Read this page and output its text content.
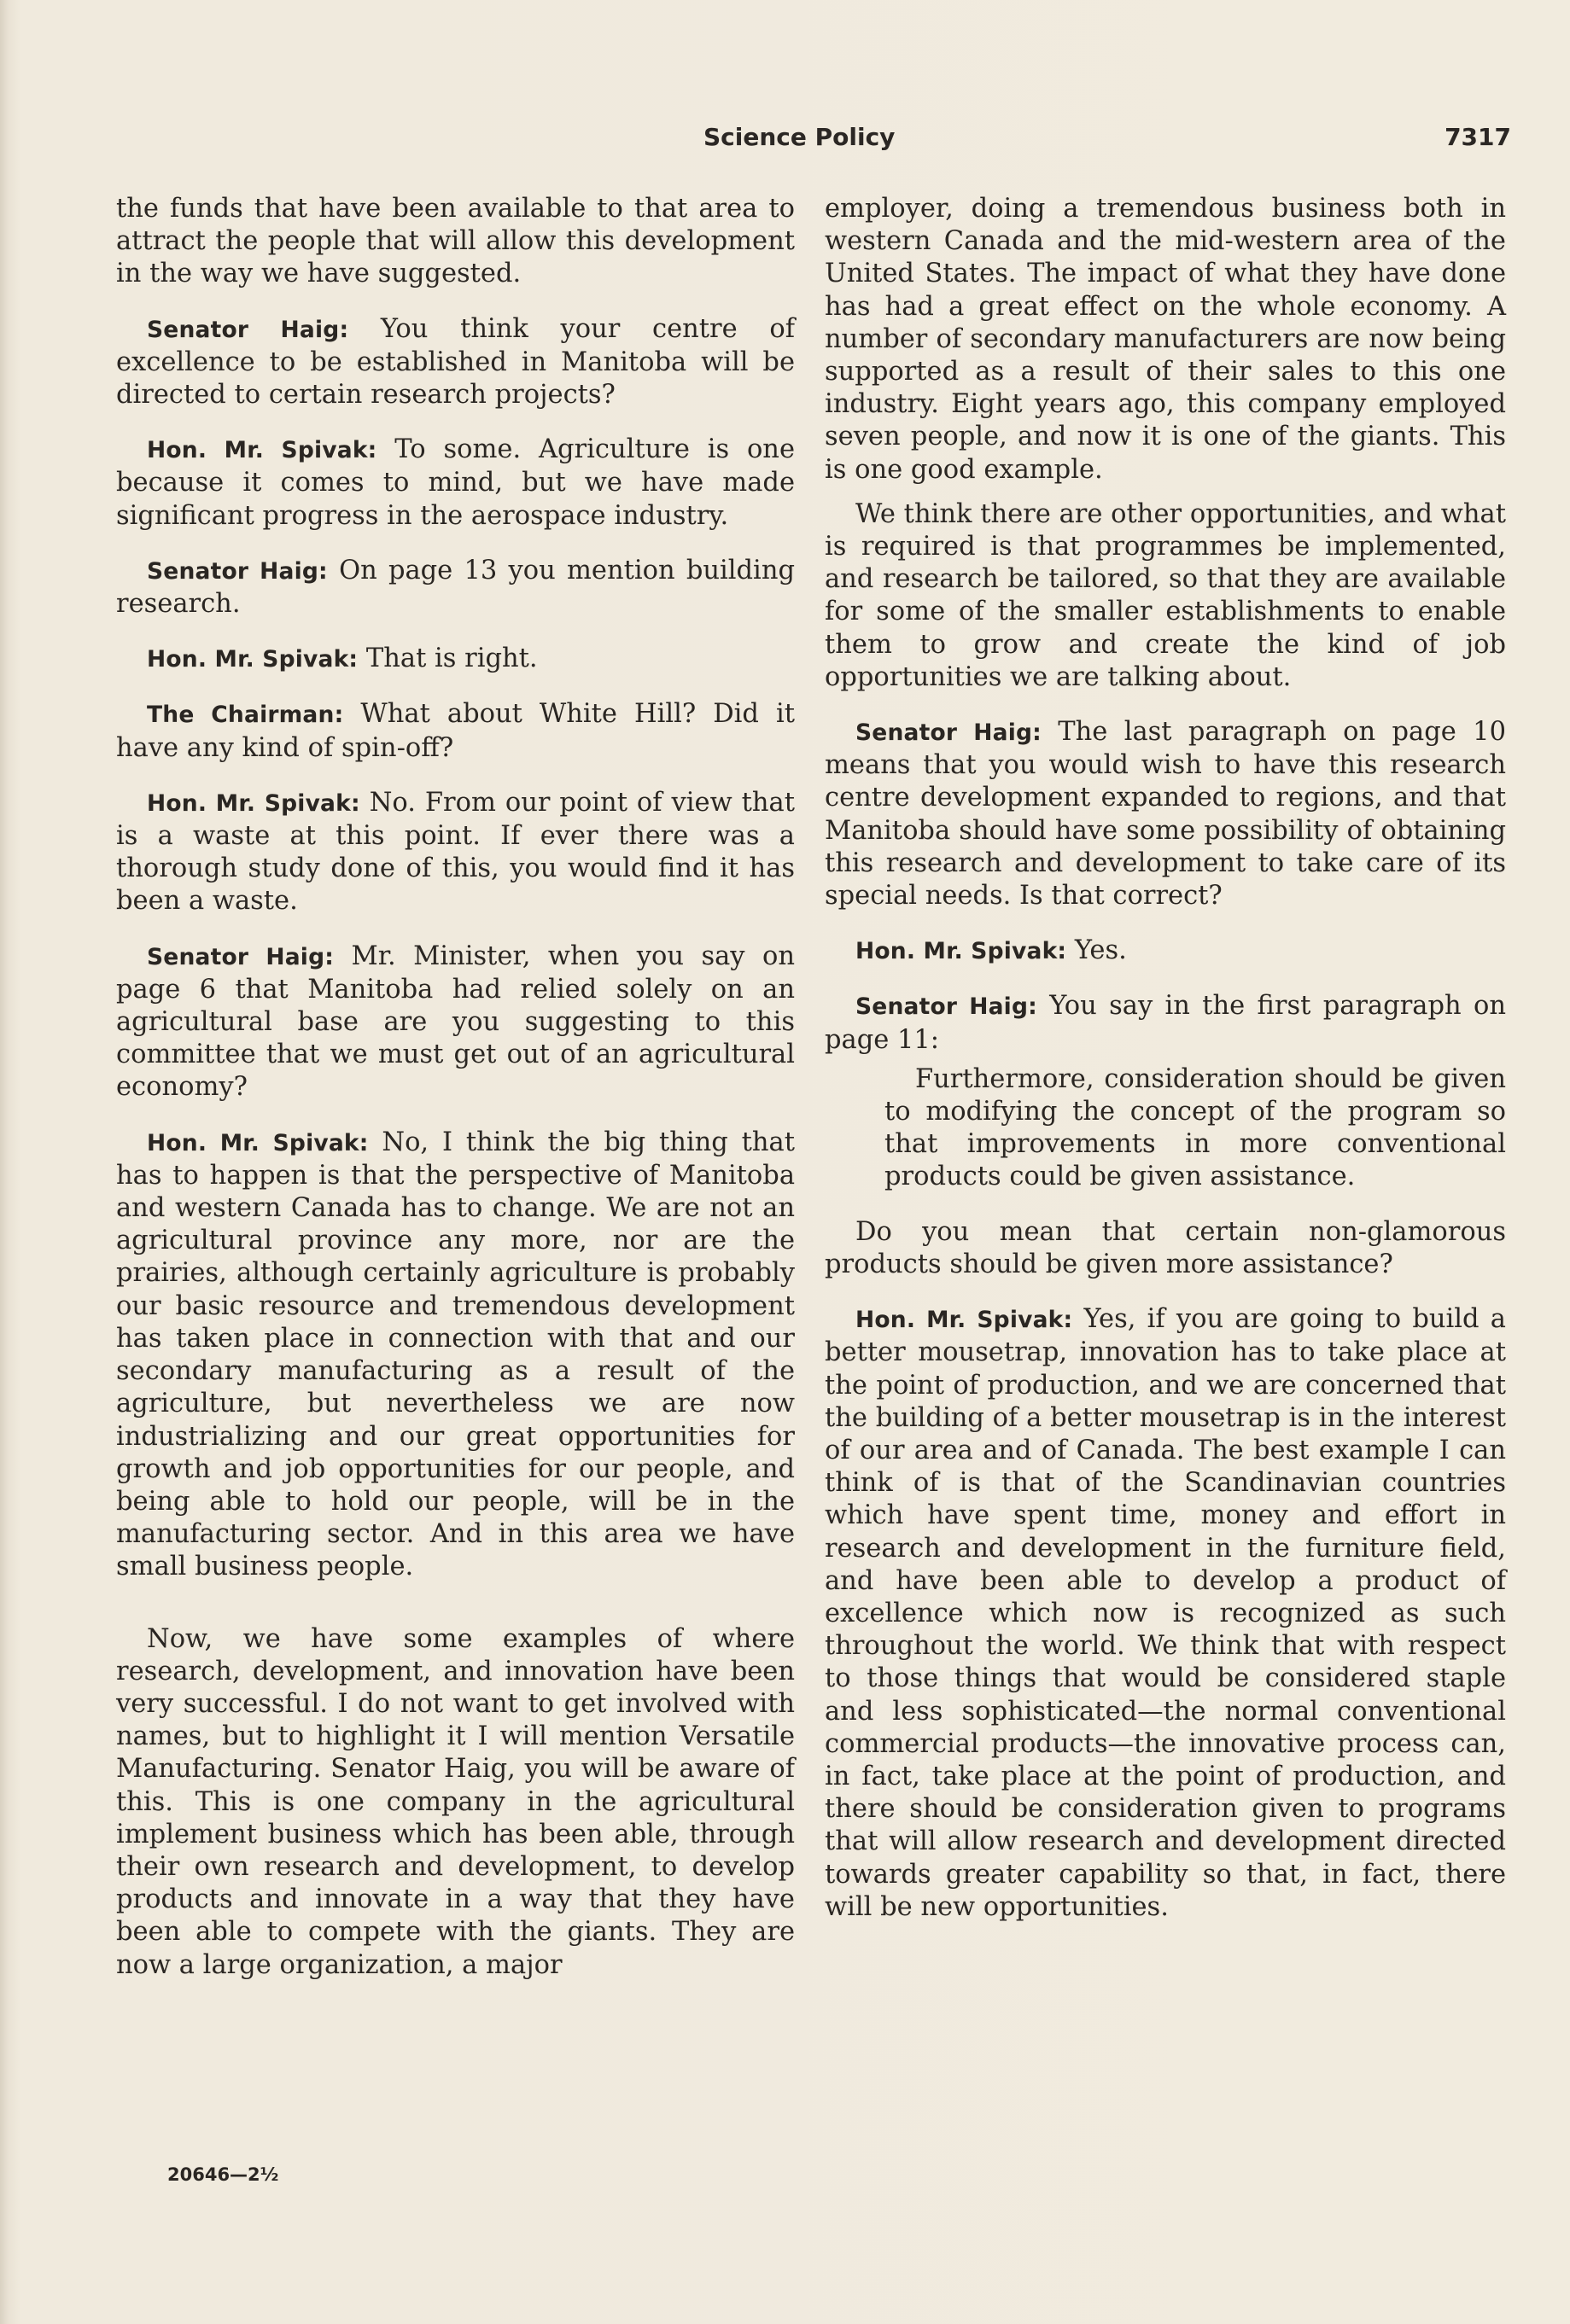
Science Policy	7317

the funds that have been available to that area to attract the people that will allow this development in the way we have suggested.

Senator Haig: You think your centre of excellence to be established in Manitoba will be directed to certain research projects?

Hon. Mr. Spivak: To some. Agriculture is one because it comes to mind, but we have made significant progress in the aerospace industry.

Senator Haig: On page 13 you mention building research.

Hon. Mr. Spivak: That is right.

The Chairman: What about White Hill? Did it have any kind of spin-off?

Hon. Mr. Spivak: No. From our point of view that is a waste at this point. If ever there was a thorough study done of this, you would find it has been a waste.

Senator Haig: Mr. Minister, when you say on page 6 that Manitoba had relied solely on an agricultural base are you suggesting to this committee that we must get out of an agricultural economy?

Hon. Mr. Spivak: No, I think the big thing that has to happen is that the perspective of Manitoba and western Canada has to change. We are not an agricultural province any more, nor are the prairies, although certainly agriculture is probably our basic resource and tremendous development has taken place in connection with that and our secondary manufacturing as a result of the agriculture, but nevertheless we are now industrializing and our great opportunities for growth and job opportunities for our people, and being able to hold our people, will be in the manufacturing sector. And in this area we have small business people.

Now, we have some examples of where research, development, and innovation have been very successful. I do not want to get involved with names, but to highlight it I will mention Versatile Manufacturing. Senator Haig, you will be aware of this. This is one company in the agricultural implement business which has been able, through their own research and development, to develop products and innovate in a way that they have been able to compete with the giants. They are now a large organization, a major

employer, doing a tremendous business both in western Canada and the mid-western area of the United States. The impact of what they have done has had a great effect on the whole economy. A number of secondary manufacturers are now being supported as a result of their sales to this one industry. Eight years ago, this company employed seven people, and now it is one of the giants. This is one good example.

We think there are other opportunities, and what is required is that programmes be implemented, and research be tailored, so that they are available for some of the smaller establishments to enable them to grow and create the kind of job opportunities we are talking about.

Senator Haig: The last paragraph on page 10 means that you would wish to have this research centre development expanded to regions, and that Manitoba should have some possibility of obtaining this research and development to take care of its special needs. Is that correct?

Hon. Mr. Spivak: Yes.

Senator Haig: You say in the first paragraph on page 11:

Furthermore, consideration should be given to modifying the concept of the program so that improvements in more conventional products could be given assistance.

Do you mean that certain non-glamorous products should be given more assistance?

Hon. Mr. Spivak: Yes, if you are going to build a better mousetrap, innovation has to take place at the point of production, and we are concerned that the building of a better mousetrap is in the interest of our area and of Canada. The best example I can think of is that of the Scandinavian countries which have spent time, money and effort in research and development in the furniture field, and have been able to develop a product of excellence which now is recognized as such throughout the world. We think that with respect to those things that would be considered staple and less sophisticated—the normal conventional commercial products—the innovative process can, in fact, take place at the point of production, and there should be consideration given to programs that will allow research and development directed towards greater capability so that, in fact, there will be new opportunities.

20646—2½
